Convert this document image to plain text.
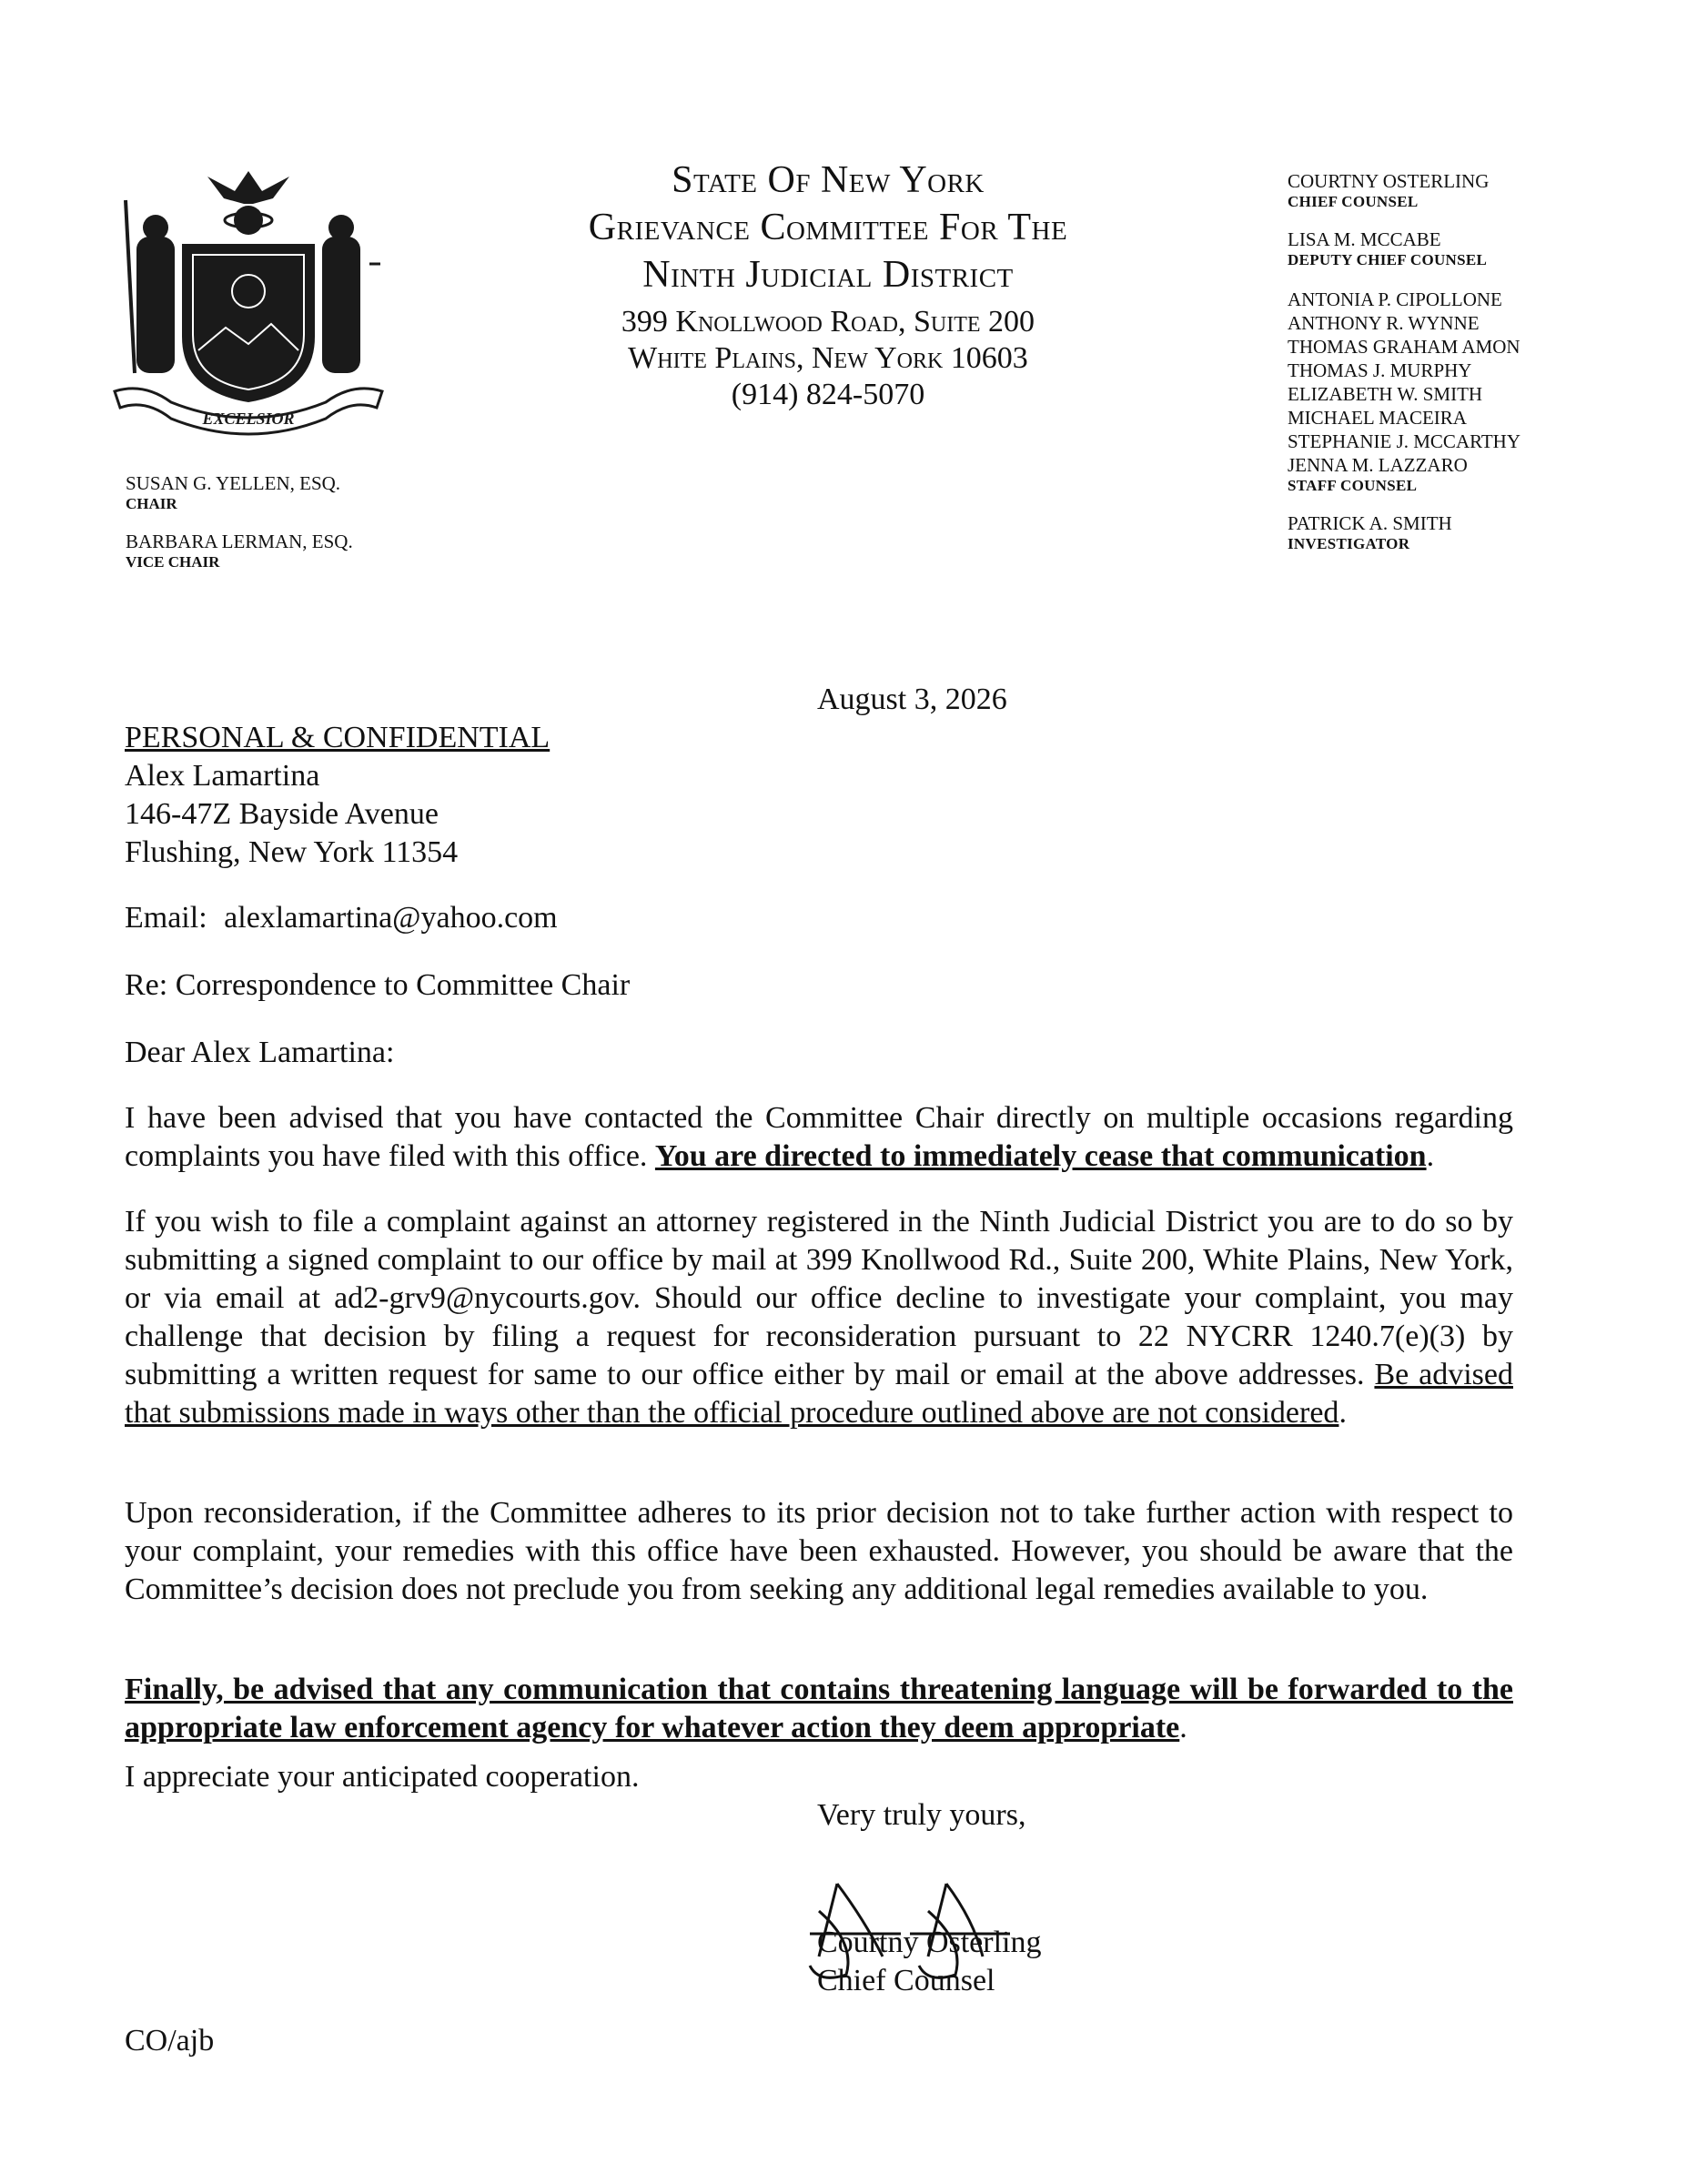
EXCELSIOR
State Of New York
Grievance Committee For The
Ninth Judicial District
399 Knollwood Road, Suite 200
White Plains, New York 10603
(914) 824-5070
SUSAN G. YELLEN, ESQ.
CHAIR
BARBARA LERMAN, ESQ.
VICE CHAIR
COURTNY OSTERLING
CHIEF COUNSEL
LISA M. MCCABE
DEPUTY CHIEF COUNSEL
ANTONIA P. CIPOLLONE
ANTHONY R. WYNNE
THOMAS GRAHAM AMON
THOMAS J. MURPHY
ELIZABETH W. SMITH
MICHAEL MACEIRA
STEPHANIE J. MCCARTHY
JENNA M. LAZZARO
STAFF COUNSEL
PATRICK A. SMITH
INVESTIGATOR
August 3, 2026
PERSONAL & CONFIDENTIAL
Alex Lamartina
146-47Z Bayside Avenue
Flushing, New York 11354
Email: alexlamartina@yahoo.com
Re: Correspondence to Committee Chair
Dear Alex Lamartina:
I have been advised that you have contacted the Committee Chair directly on multiple occasions regarding complaints you have filed with this office. You are directed to immediately cease that communication.
If you wish to file a complaint against an attorney registered in the Ninth Judicial District you are to do so by submitting a signed complaint to our office by mail at 399 Knollwood Rd., Suite 200, White Plains, New York, or via email at ad2-grv9@nycourts.gov. Should our office decline to investigate your complaint, you may challenge that decision by filing a request for reconsideration pursuant to 22 NYCRR 1240.7(e)(3) by submitting a written request for same to our office either by mail or email at the above addresses. Be advised that submissions made in ways other than the official procedure outlined above are not considered.
Upon reconsideration, if the Committee adheres to its prior decision not to take further action with respect to your complaint, your remedies with this office have been exhausted. However, you should be aware that the Committee’s decision does not preclude you from seeking any additional legal remedies available to you.
Finally, be advised that any communication that contains threatening language will be forwarded to the appropriate law enforcement agency for whatever action they deem appropriate.
I appreciate your anticipated cooperation.
Very truly yours,
Courtny Osterling
Chief Counsel
CO/ajb
